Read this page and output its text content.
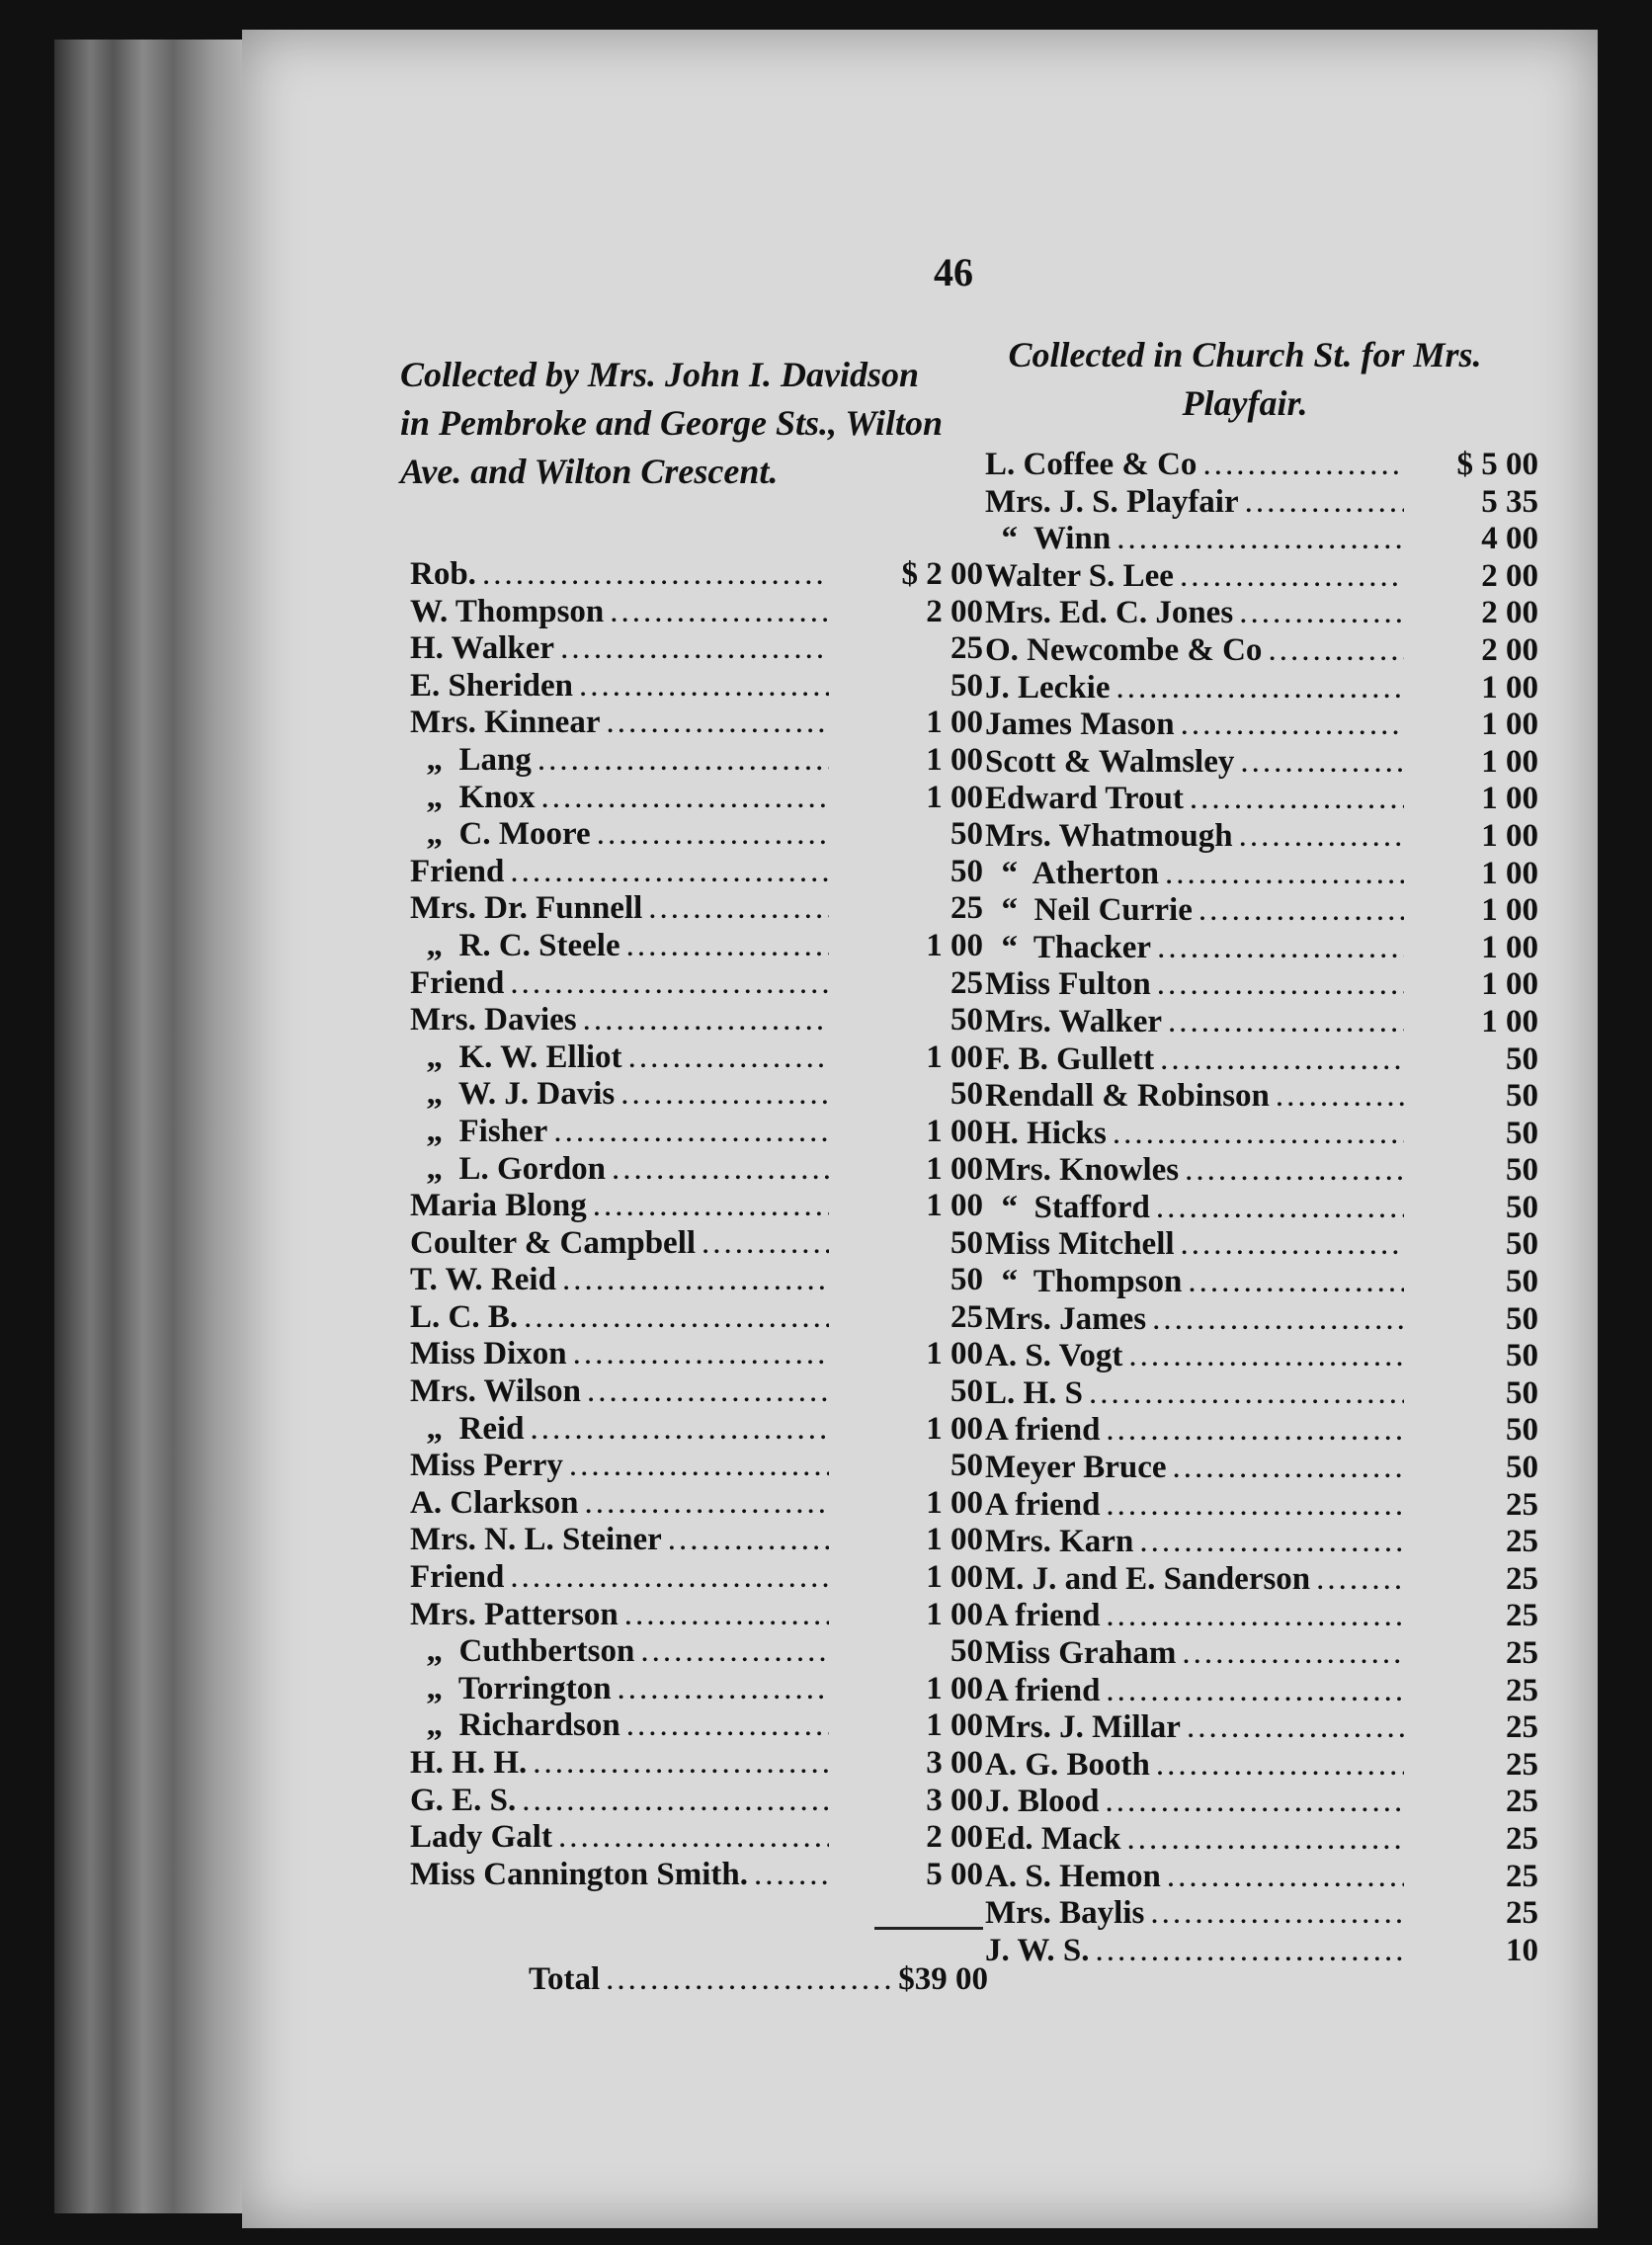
46
Collected by Mrs. John I. Davidson in Pembroke and George Sts., Wilton Ave. and Wilton Crescent.
Collected in Church St. for Mrs. Playfair.
Rob. .....	$ 2 00
W. Thompson .....	2 00
H. Walker .....	25
E. Sheriden .....	50
Mrs. Kinnear .....	1 00
„  Lang .....	1 00
„  Knox .....	1 00
„  C. Moore .....	50
Friend .....	50
Mrs. Dr. Funnell .....	25
„  R. C. Steele .....	1 00
Friend .....	25
Mrs. Davies .....	50
„  K. W. Elliot .....	1 00
„  W. J. Davis .....	50
„  Fisher .....	1 00
„  L. Gordon .....	1 00
Maria Blong .....	1 00
Coulter & Campbell .....	50
T. W. Reid .....	50
L. C. B. .....	25
Miss Dixon .....	1 00
Mrs. Wilson .....	50
„  Reid .....	1 00
Miss Perry .....	50
A. Clarkson .....	1 00
Mrs. N. L. Steiner .....	1 00
Friend .....	1 00
Mrs. Patterson .....	1 00
„  Cuthbertson .....	50
„  Torrington .....	1 00
„  Richardson .....	1 00
H. H. H. .....	3 00
G. E. S. .....	3 00
Lady Galt .....	2 00
Miss Cannington Smith. .....	5 00
L. Coffee & Co .....	$ 5 00
Mrs. J. S. Playfair .....	5 35
“  Winn .....	4 00
Walter S. Lee .....	2 00
Mrs. Ed. C. Jones .....	2 00
O. Newcombe & Co .....	2 00
J. Leckie .....	1 00
James Mason .....	1 00
Scott & Walmsley .....	1 00
Edward Trout .....	1 00
Mrs. Whatmough .....	1 00
“  Atherton .....	1 00
“  Neil Currie .....	1 00
“  Thacker .....	1 00
Miss Fulton .....	1 00
Mrs. Walker .....	1 00
F. B. Gullett .....	50
Rendall & Robinson .....	50
H. Hicks .....	50
Mrs. Knowles .....	50
“  Stafford .....	50
Miss Mitchell .....	50
“  Thompson .....	50
Mrs. James .....	50
A. S. Vogt .....	50
L. H. S .....	50
A friend .....	50
Meyer Bruce .....	50
A friend .....	25
Mrs. Karn .....	25
M. J. and E. Sanderson .....	25
A friend .....	25
Miss Graham .....	25
A friend .....	25
Mrs. J. Millar .....	25
A. G. Booth .....	25
J. Blood .....	25
Ed. Mack .....	25
A. S. Hemon .....	25
Mrs. Baylis .....	25
J. W. S. .....	10
Total .....	$39 00
